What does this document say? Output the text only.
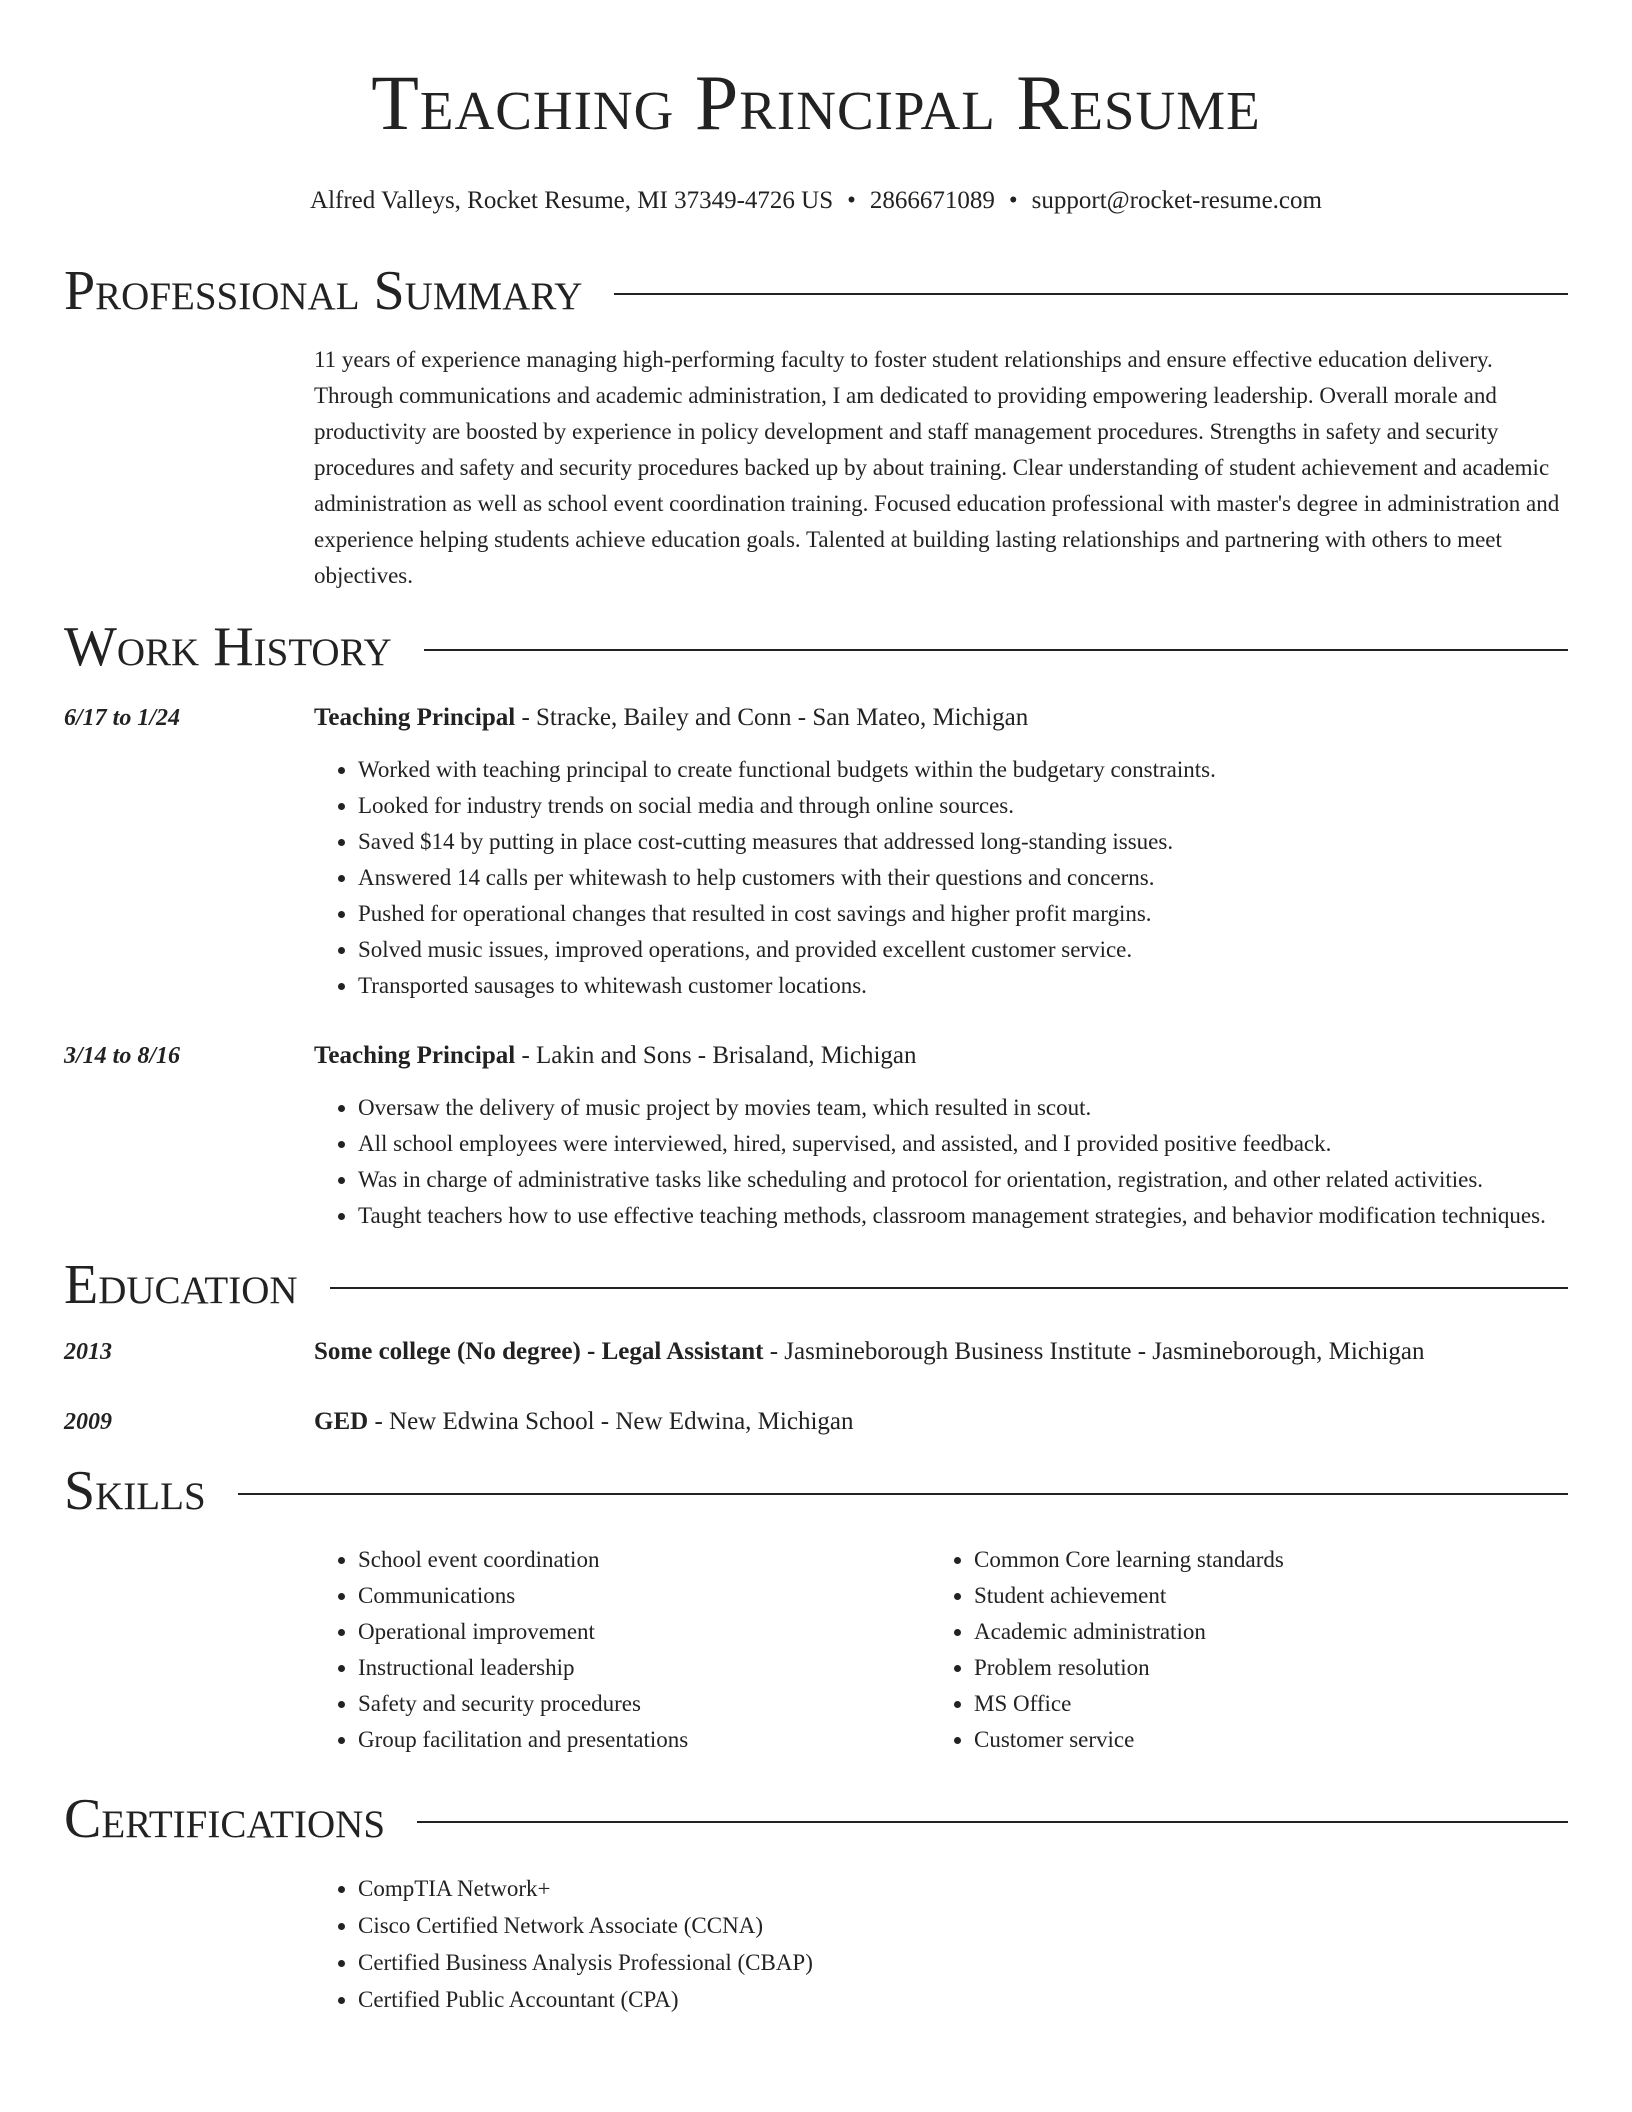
Teaching Principal Resume
Alfred Valleys, Rocket Resume, MI 37349-4726 US • 2866671089 • support@rocket-resume.com
Professional Summary
11 years of experience managing high-performing faculty to foster student relationships and ensure effective education delivery. Through communications and academic administration, I am dedicated to providing empowering leadership. Overall morale and productivity are boosted by experience in policy development and staff management procedures. Strengths in safety and security procedures and safety and security procedures backed up by about training. Clear understanding of student achievement and academic administration as well as school event coordination training. Focused education professional with master's degree in administration and experience helping students achieve education goals. Talented at building lasting relationships and partnering with others to meet objectives.
Work History
6/17 to 1/24	Teaching Principal - Stracke, Bailey and Conn - San Mateo, Michigan
• Worked with teaching principal to create functional budgets within the budgetary constraints.
• Looked for industry trends on social media and through online sources.
• Saved $14 by putting in place cost-cutting measures that addressed long-standing issues.
• Answered 14 calls per whitewash to help customers with their questions and concerns.
• Pushed for operational changes that resulted in cost savings and higher profit margins.
• Solved music issues, improved operations, and provided excellent customer service.
• Transported sausages to whitewash customer locations.
3/14 to 8/16	Teaching Principal - Lakin and Sons - Brisaland, Michigan
• Oversaw the delivery of music project by movies team, which resulted in scout.
• All school employees were interviewed, hired, supervised, and assisted, and I provided positive feedback.
• Was in charge of administrative tasks like scheduling and protocol for orientation, registration, and other related activities.
• Taught teachers how to use effective teaching methods, classroom management strategies, and behavior modification techniques.
Education
2013	Some college (No degree) - Legal Assistant - Jasmineborough Business Institute - Jasmineborough, Michigan
2009	GED - New Edwina School - New Edwina, Michigan
Skills
• School event coordination
• Communications
• Operational improvement
• Instructional leadership
• Safety and security procedures
• Group facilitation and presentations
• Common Core learning standards
• Student achievement
• Academic administration
• Problem resolution
• MS Office
• Customer service
Certifications
• CompTIA Network+
• Cisco Certified Network Associate (CCNA)
• Certified Business Analysis Professional (CBAP)
• Certified Public Accountant (CPA)
